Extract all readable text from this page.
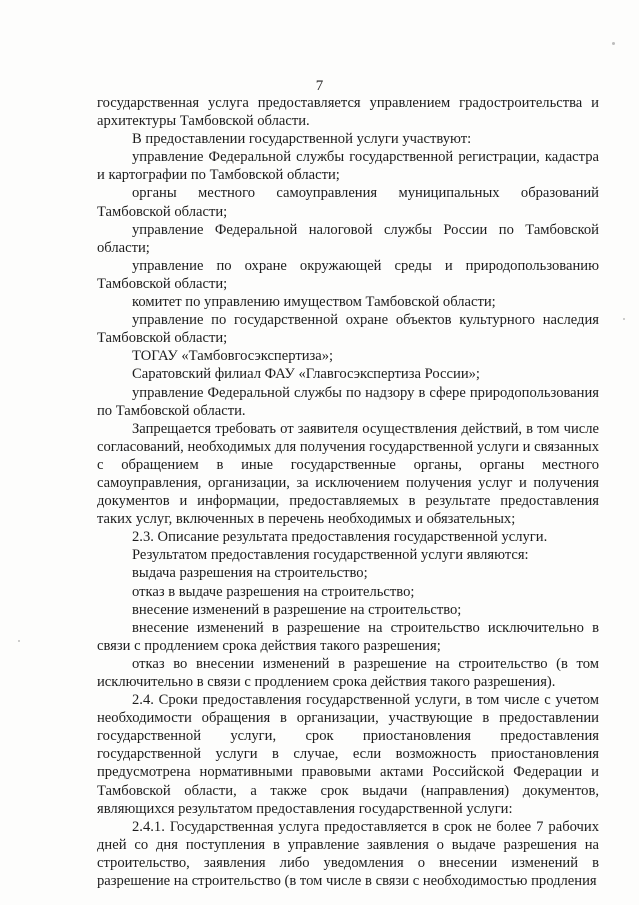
7

государственная услуга предоставляется управлением градостроительства и архитектуры Тамбовской области.

В предоставлении государственной услуги участвуют:

управление Федеральной службы государственной регистрации, кадастра и картографии по Тамбовской области;

органы местного самоуправления муниципальных образований Тамбовской области;

управление Федеральной налоговой службы России по Тамбовской области;

управление по охране окружающей среды и природопользованию Тамбовской области;

комитет по управлению имуществом Тамбовской области;

управление по государственной охране объектов культурного наследия Тамбовской области;

ТОГАУ «Тамбовгосэкспертиза»;

Саратовский филиал ФАУ «Главгосэкспертиза России»;

управление Федеральной службы по надзору в сфере природопользования по Тамбовской области.

Запрещается требовать от заявителя осуществления действий, в том числе согласований, необходимых для получения государственной услуги и связанных с обращением в иные государственные органы, органы местного самоуправления, организации, за исключением получения услуг и получения документов и информации, предоставляемых в результате предоставления таких услуг, включенных в перечень необходимых и обязательных;

2.3. Описание результата предоставления государственной услуги.

Результатом предоставления государственной услуги являются:

выдача разрешения на строительство;

отказ в выдаче разрешения на строительство;

внесение изменений в разрешение на строительство;

внесение изменений в разрешение на строительство исключительно в связи с продлением срока действия такого разрешения;

отказ во внесении изменений в разрешение на строительство (в том исключительно в связи с продлением срока действия такого разрешения).

2.4. Сроки предоставления государственной услуги, в том числе с учетом необходимости обращения в организации, участвующие в предоставлении государственной услуги, срок приостановления предоставления государственной услуги в случае, если возможность приостановления предусмотрена нормативными правовыми актами Российской Федерации и Тамбовской области, а также срок выдачи (направления) документов, являющихся результатом предоставления государственной услуги:

2.4.1. Государственная услуга предоставляется в срок не более 7 рабочих дней со дня поступления в управление заявления о выдаче разрешения на строительство, заявления либо уведомления о внесении изменений в разрешение на строительство (в том числе в связи с необходимостью продления
